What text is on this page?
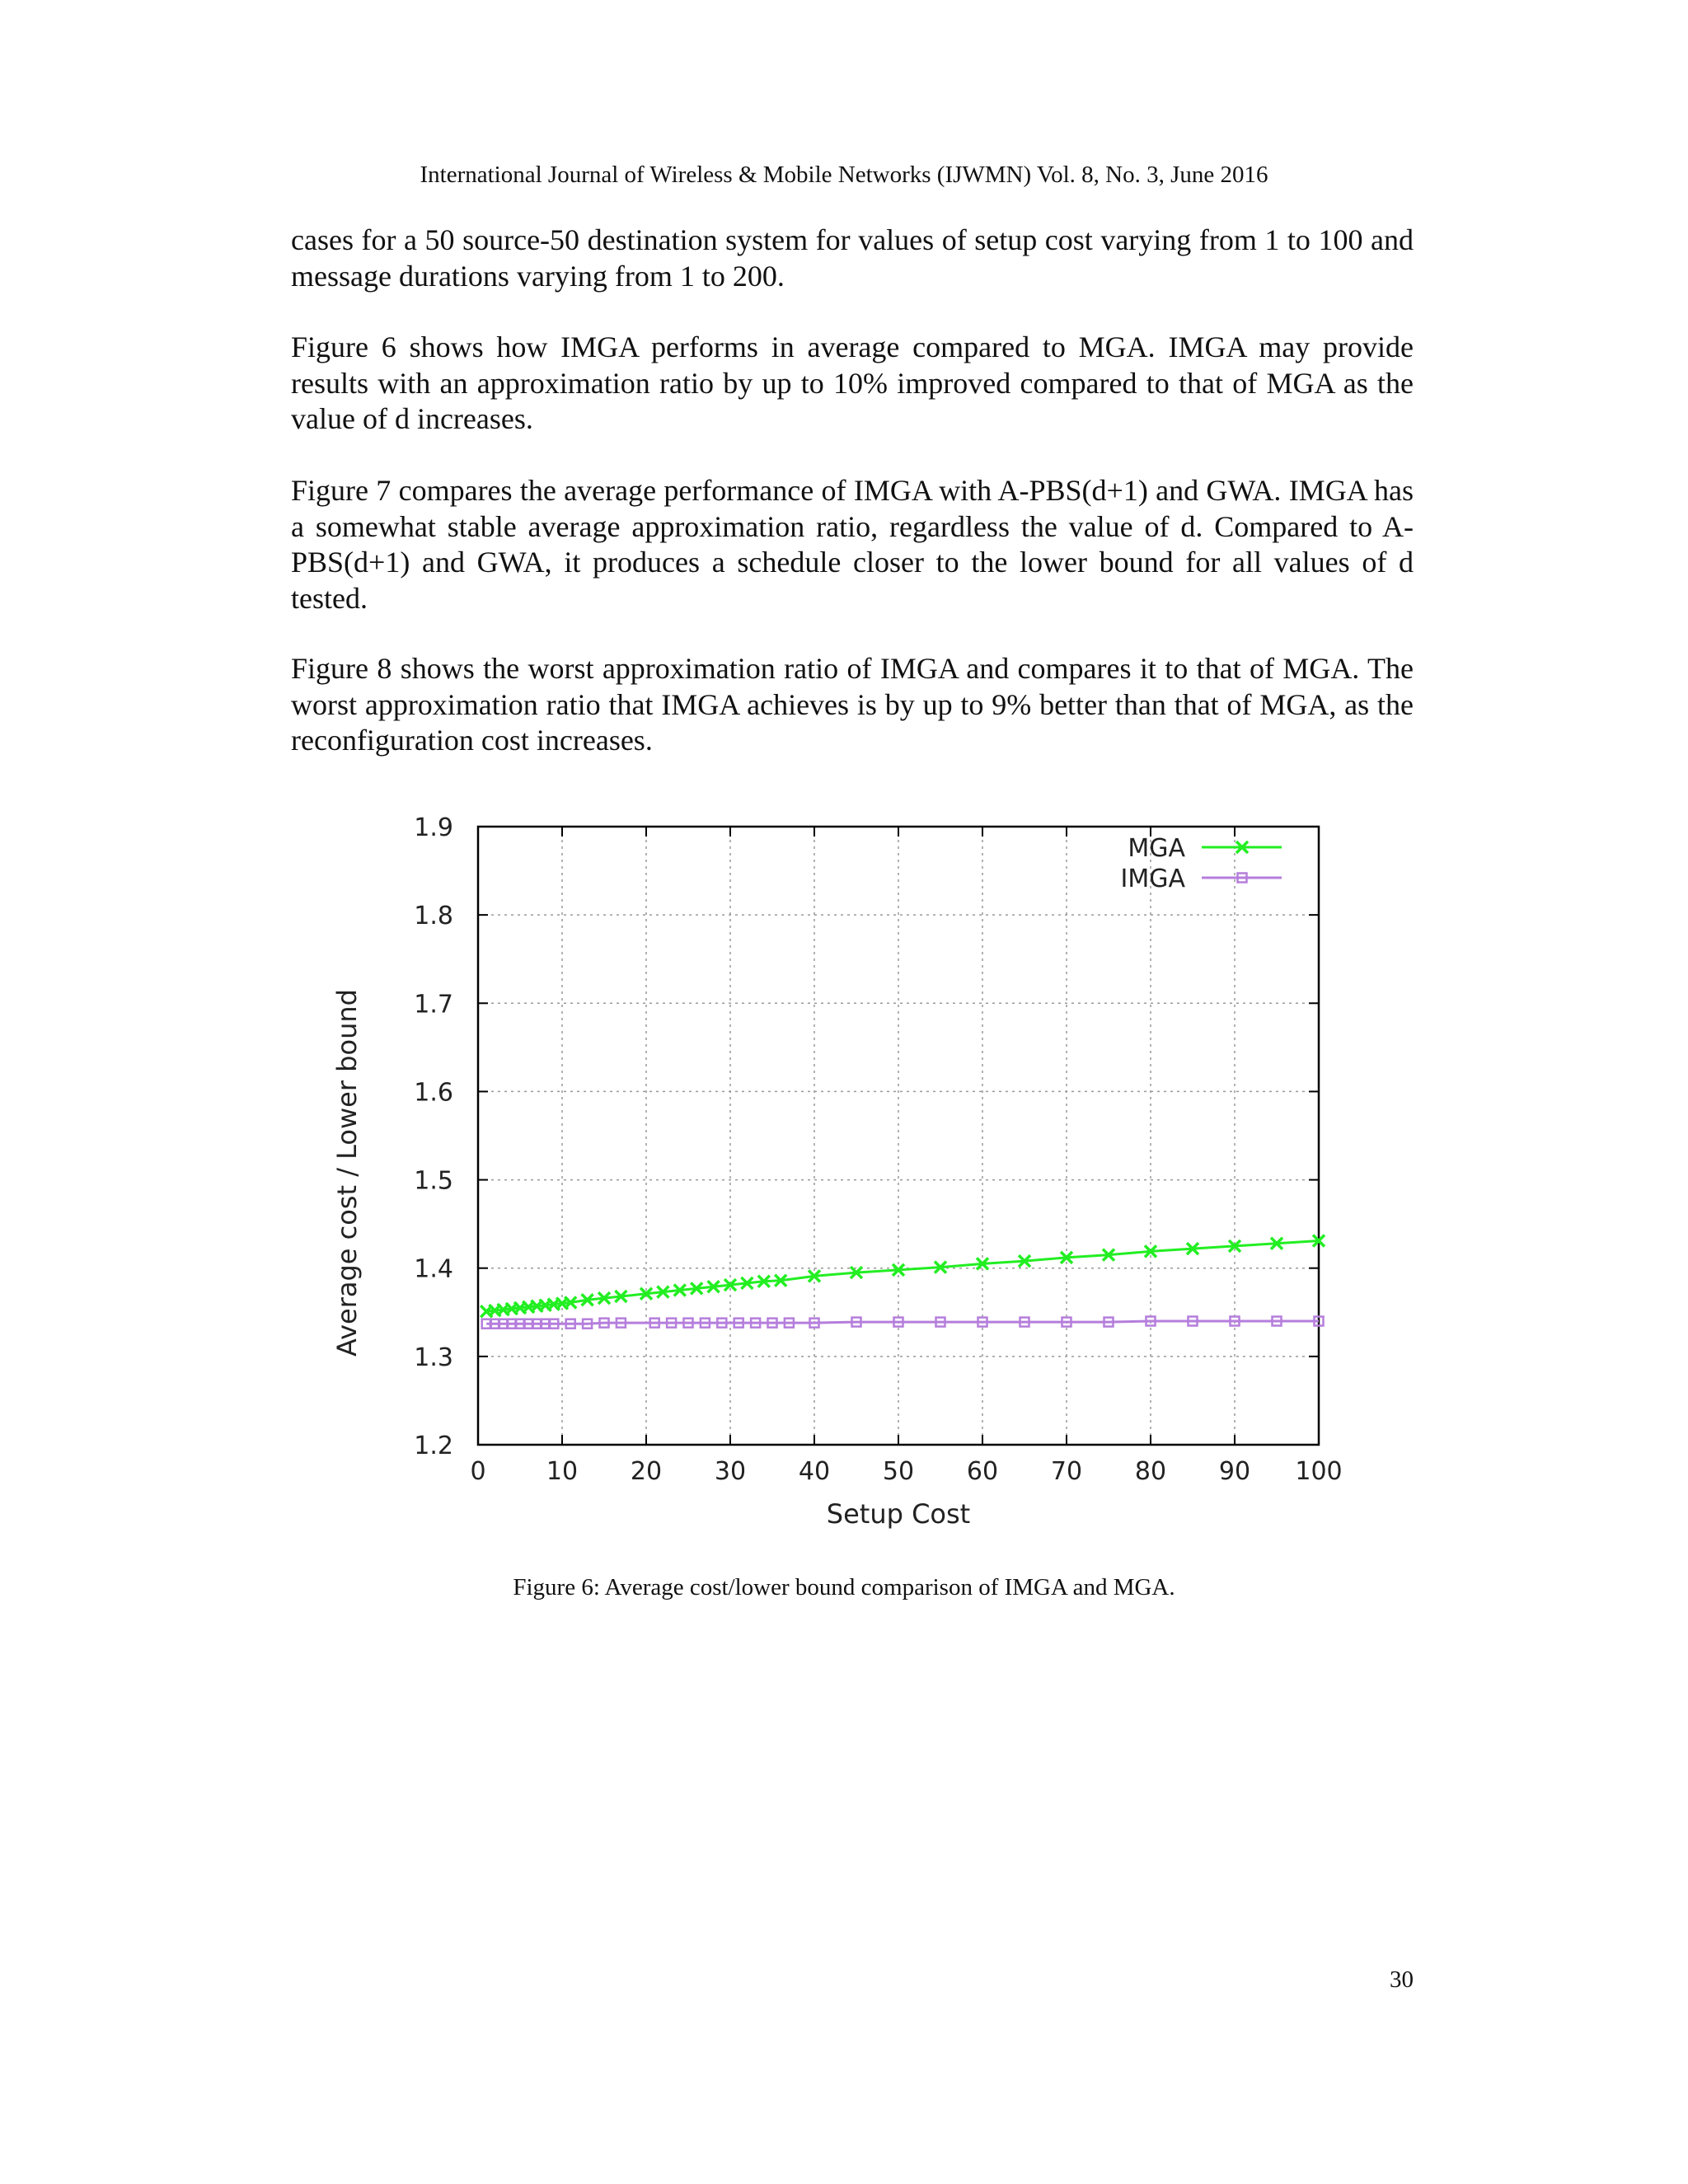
International Journal of Wireless & Mobile Networks (IJWMN) Vol. 8, No. 3, June 2016

cases for a 50 source-50 destination system for values of setup cost varying from 1 to 100 and message durations varying from 1 to 200.

Figure 6 shows how IMGA performs in average compared to MGA. IMGA may provide results with an approximation ratio by up to 10% improved compared to that of MGA as the value of d increases.

Figure 7 compares the average performance of IMGA with A-PBS(d+1) and GWA. IMGA has a somewhat stable average approximation ratio, regardless the value of d. Compared to A-PBS(d+1) and GWA, it produces a schedule closer to the lower bound for all values of d tested.

Figure 8 shows the worst approximation ratio of IMGA and compares it to that of MGA. The worst approximation ratio that IMGA achieves is by up to 9% better than that of MGA, as the reconfiguration cost increases.

1.2
1.3
1.4
1.5
1.6
1.7
1.8
1.9
0 10 20 30 40 50 60 70 80 90 100
MGA
IMGA
Setup Cost
Average cost / Lower bound
Figure 6: Average cost/lower bound comparison of IMGA and MGA.
30
